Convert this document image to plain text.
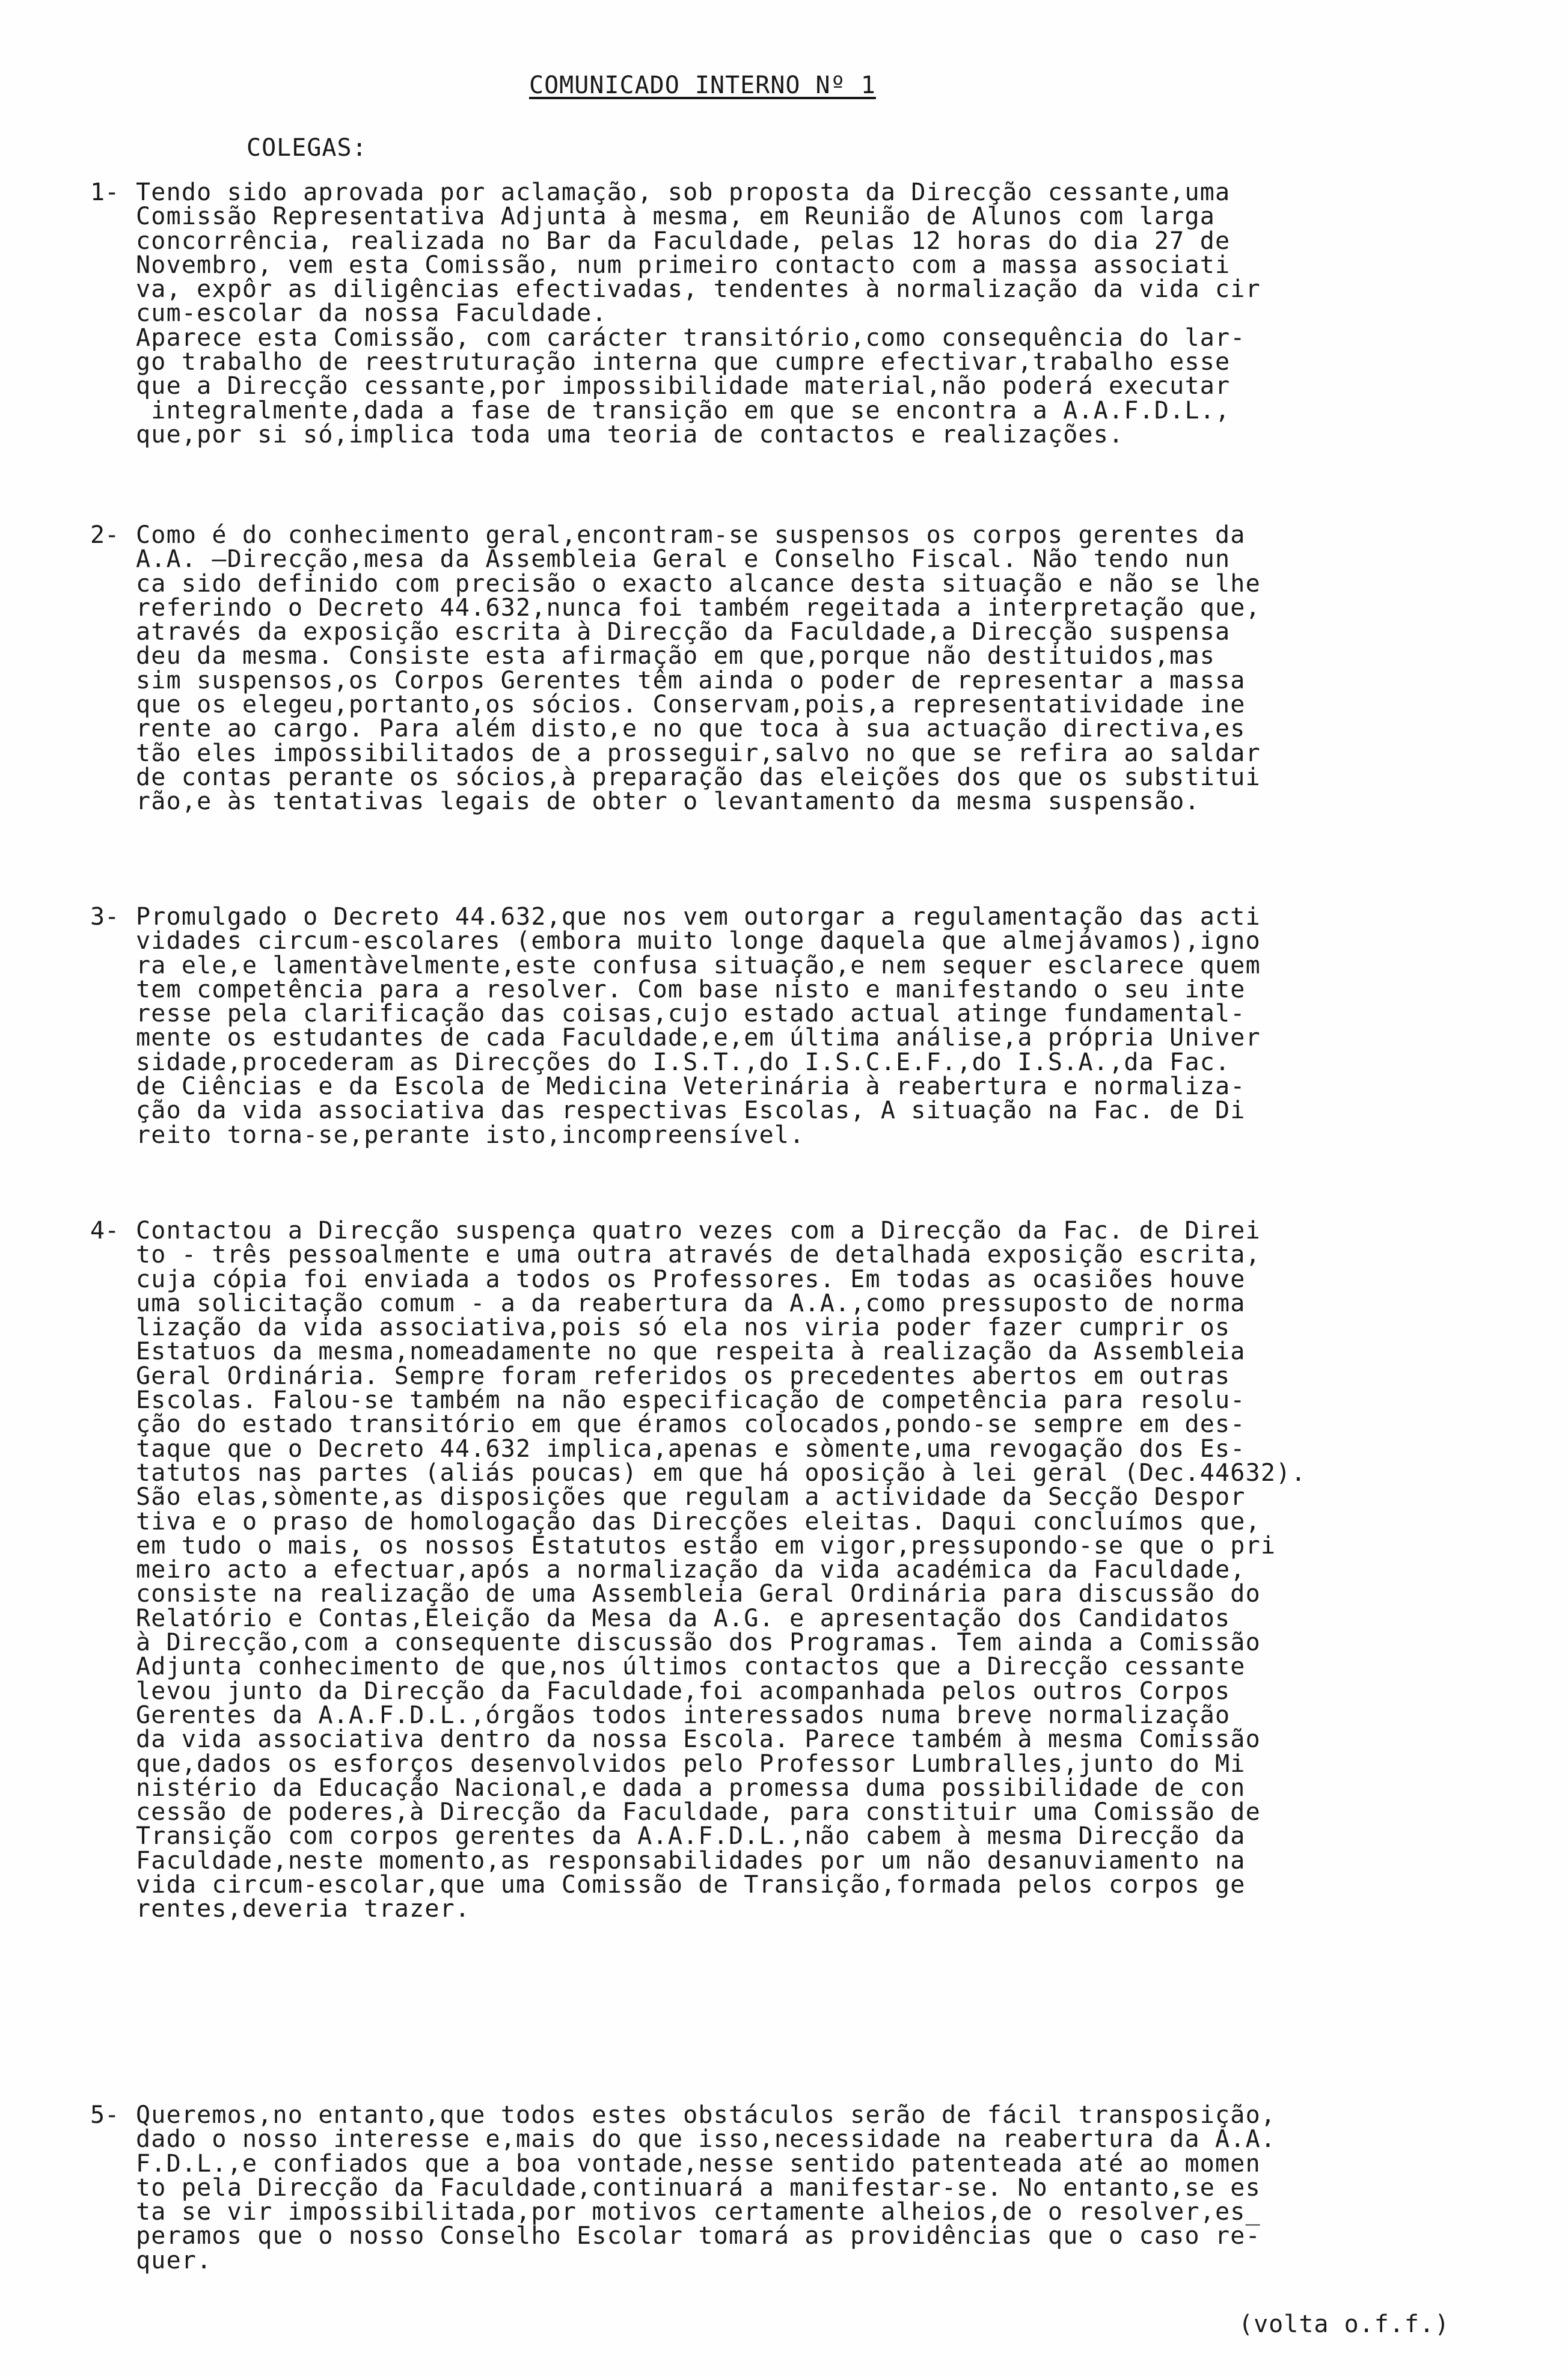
COMUNICADO INTERNO Nº 1
COLEGAS:
1- Tendo sido aprovada por aclamação, sob proposta da Direcção cessante,uma
Comissão Representativa Adjunta à mesma, em Reunião de Alunos com larga
concorrência, realizada no Bar da Faculdade, pelas 12 horas do dia 27 de
Novembro, vem esta Comissão, num primeiro contacto com a massa associati
va, expôr as diligências efectivadas, tendentes à normalização da vida cir
cum-escolar da nossa Faculdade.
Aparece esta Comissão, com carácter transitório,como consequência do lar-
go trabalho de reestruturação interna que cumpre efectivar,trabalho esse
que a Direcção cessante,por impossibilidade material,não poderá executar
integralmente,dada a fase de transição em que se encontra a A.A.F.D.L.,
que,por si só,implica toda uma teoria de contactos e realizações.
2- Como é do conhecimento geral,encontram-se suspensos os corpos gerentes da
A.A. —Direcção,mesa da Assembleia Geral e Conselho Fiscal. Não tendo nun
ca sido definido com precisão o exacto alcance desta situação e não se lhe
referindo o Decreto 44.632,nunca foi também regeitada a interpretação que,
através da exposição escrita à Direcção da Faculdade,a Direcção suspensa
deu da mesma. Consiste esta afirmação em que,porque não destituidos,mas
sim suspensos,os Corpos Gerentes têm ainda o poder de representar a massa
que os elegeu,portanto,os sócios. Conservam,pois,a representatividade ine
rente ao cargo. Para além disto,e no que toca à sua actuação directiva,es
tão eles impossibilitados de a prosseguir,salvo no que se refira ao saldar
de contas perante os sócios,à preparação das eleições dos que os substitui
rão,e às tentativas legais de obter o levantamento da mesma suspensão.
3- Promulgado o Decreto 44.632,que nos vem outorgar a regulamentação das acti
vidades circum-escolares (embora muito longe daquela que almejávamos),igno
ra ele,e lamentàvelmente,este confusa situação,e nem sequer esclarece quem
tem competência para a resolver. Com base nisto e manifestando o seu inte
resse pela clarificação das coisas,cujo estado actual atinge fundamental-
mente os estudantes de cada Faculdade,e,em última análise,a própria Univer
sidade,procederam as Direcções do I.S.T.,do I.S.C.E.F.,do I.S.A.,da Fac.
de Ciências e da Escola de Medicina Veterinária à reabertura e normaliza-
ção da vida associativa das respectivas Escolas, A situação na Fac. de Di
reito torna-se,perante isto,incompreensível.
4- Contactou a Direcção suspença quatro vezes com a Direcção da Fac. de Direi
to - três pessoalmente e uma outra através de detalhada exposição escrita,
cuja cópia foi enviada a todos os Professores. Em todas as ocasiões houve
uma solicitação comum - a da reabertura da A.A.,como pressuposto de norma
lização da vida associativa,pois só ela nos viria poder fazer cumprir os
Estatuos da mesma,nomeadamente no que respeita à realização da Assembleia
Geral Ordinária. Sempre foram referidos os precedentes abertos em outras
Escolas. Falou-se também na não especificação de competência para resolu-
ção do estado transitório em que éramos colocados,pondo-se sempre em des-
taque que o Decreto 44.632 implica,apenas e sòmente,uma revogação dos Es-
tatutos nas partes (aliás poucas) em que há oposição à lei geral (Dec.44632).
São elas,sòmente,as disposições que regulam a actividade da Secção Despor
tiva e o praso de homologação das Direcções eleitas. Daqui concluímos que,
em tudo o mais, os nossos Estatutos estão em vigor,pressupondo-se que o pri
meiro acto a efectuar,após a normalização da vida académica da Faculdade,
consiste na realização de uma Assembleia Geral Ordinária para discussão do
Relatório e Contas,Eleição da Mesa da A.G. e apresentação dos Candidatos
à Direcção,com a consequente discussão dos Programas. Tem ainda a Comissão
Adjunta conhecimento de que,nos últimos contactos que a Direcção cessante
levou junto da Direcção da Faculdade,foi acompanhada pelos outros Corpos
Gerentes da A.A.F.D.L.,órgãos todos interessados numa breve normalização
da vida associativa dentro da nossa Escola. Parece também à mesma Comissão
que,dados os esforços desenvolvidos pelo Professor Lumbralles,junto do Mi
nistério da Educação Nacional,e dada a promessa duma possibilidade de con
cessão de poderes,à Direcção da Faculdade, para constituir uma Comissão de
Transição com corpos gerentes da A.A.F.D.L.,não cabem à mesma Direcção da
Faculdade,neste momento,as responsabilidades por um não desanuviamento na
vida circum-escolar,que uma Comissão de Transição,formada pelos corpos ge
rentes,deveria trazer.
5- Queremos,no entanto,que todos estes obstáculos serão de fácil transposição,
dado o nosso interesse e,mais do que isso,necessidade na reabertura da A.A.
F.D.L.,e confiados que a boa vontade,nesse sentido patenteada até ao momen
to pela Direcção da Faculdade,continuará a manifestar-se. No entanto,se es
ta se vir impossibilitada,por motivos certamente alheios,de o resolver,es_
peramos que o nosso Conselho Escolar tomará as providências que o caso re-
quer.
(volta o.f.f.)
